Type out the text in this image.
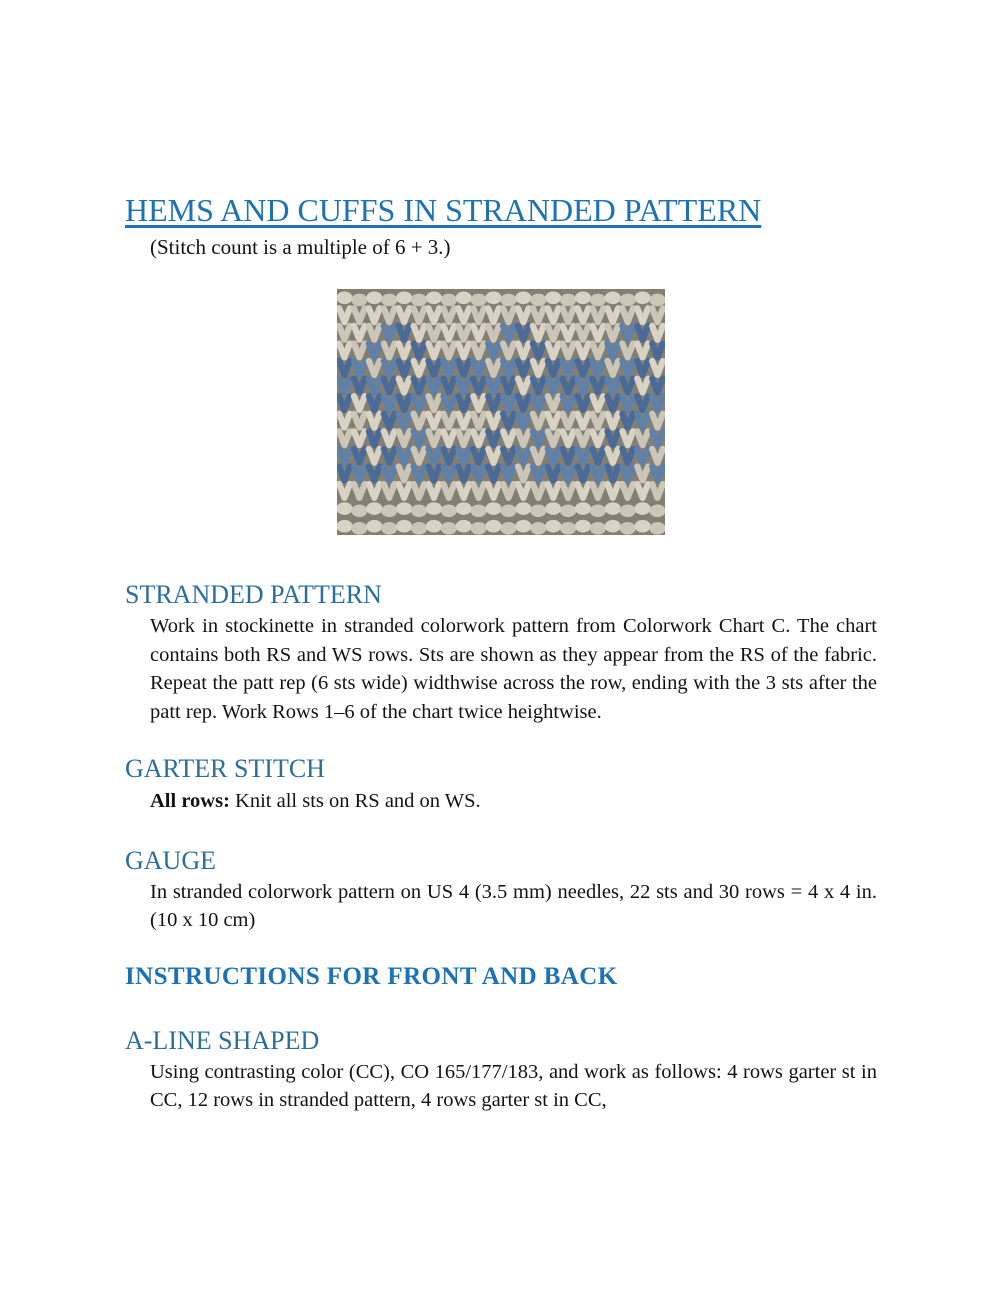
HEMS AND CUFFS IN STRANDED PATTERN

(Stitch count is a multiple of 6 + 3.)

STRANDED PATTERN

Work in stockinette in stranded colorwork pattern from Colorwork Chart C. The chart contains both RS and WS rows. Sts are shown as they appear from the RS of the fabric. Repeat the patt rep (6 sts wide) widthwise across the row, ending with the 3 sts after the patt rep. Work Rows 1–6 of the chart twice heightwise.

GARTER STITCH

All rows: Knit all sts on RS and on WS.

GAUGE

In stranded colorwork pattern on US 4 (3.5 mm) needles, 22 sts and 30 rows = 4 x 4 in. (10 x 10 cm)

INSTRUCTIONS FOR FRONT AND BACK
A-LINE SHAPED

Using contrasting color (CC), CO 165/177/183, and work as follows: 4 rows garter st in CC, 12 rows in stranded pattern, 4 rows garter st in CC,
